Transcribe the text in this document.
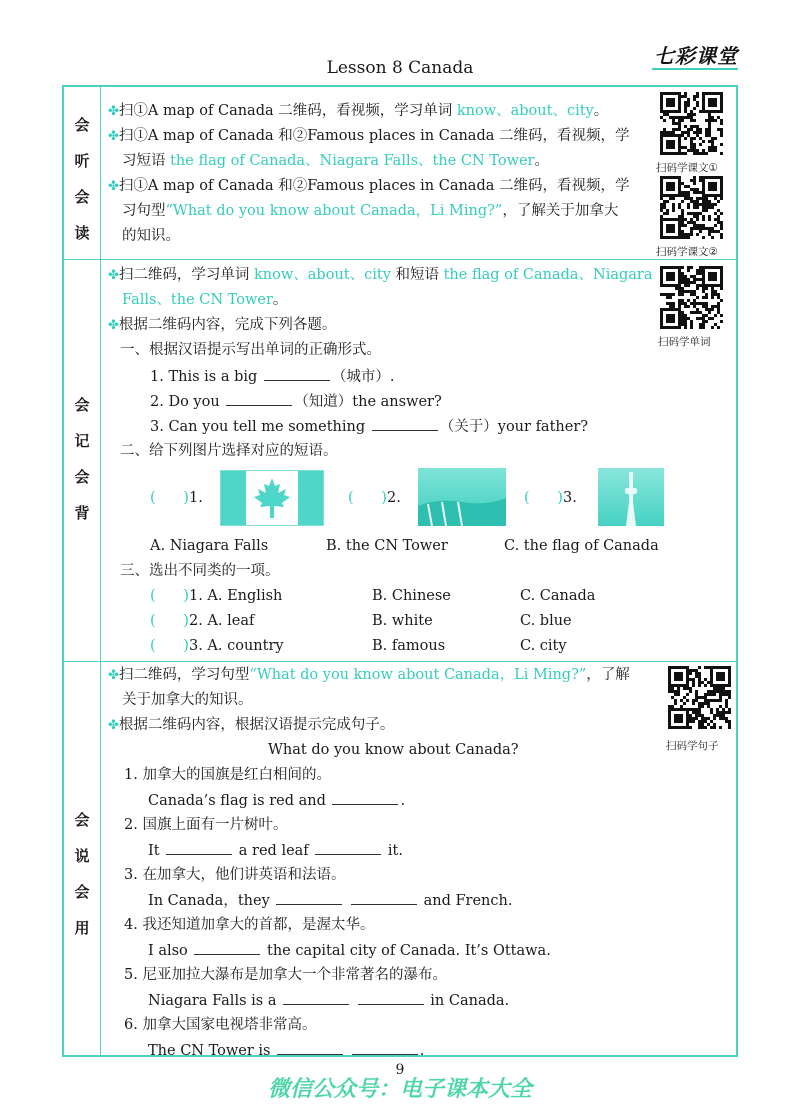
Lesson 8 Canada	七彩课堂
会
听
会
读
会
记
会
背
会
说
会
用
✤扫①A map of Canada 二维码，看视频，学习单词 know、about、city。
✤扫①A map of Canada 和②Famous places in Canada 二维码，看视频，学
习短语 the flag of Canada、Niagara Falls、the CN Tower。
✤扫①A map of Canada 和②Famous places in Canada 二维码，看视频，学
习句型“What do you know about Canada，Li Ming?”，了解关于加拿大
的知识。
扫码学课文①
扫码学课文②
✤扫二维码，学习单词 know、about、city 和短语 the flag of Canada、Niagara
Falls、the CN Tower。
✤根据二维码内容，完成下列各题。
扫码学单词
一、根据汉语提示写出单词的正确形式。
1. This is a big	（城市）.
2. Do you	（知道）the answer?
3. Can you tell me something	（关于）your father?
二、给下列图片选择对应的短语。
(      )1.	(      )2.	(      )3.
A. Niagara Falls	B. the CN Tower	C. the flag of Canada
三、选出不同类的一项。
(      )1. A. English	B. Chinese	C. Canada
(      )2. A. leaf	B. white	C. blue
(      )3. A. country	B. famous	C. city
✤扫二维码，学习句型“What do you know about Canada，Li Ming?”，了解
关于加拿大的知识。
✤根据二维码内容，根据汉语提示完成句子。
扫码学句子
What do you know about Canada?
1. 加拿大的国旗是红白相间的。
Canada’s flag is red and	.
2. 国旗上面有一片树叶。
It	a red leaf	it.
3. 在加拿大，他们讲英语和法语。
In Canada，they	and French.
4. 我还知道加拿大的首都，是渥太华。
I also	the capital city of Canada. It’s Ottawa.
5. 尼亚加拉大瀑布是加拿大一个非常著名的瀑布。
Niagara Falls is a	in Canada.
6. 加拿大国家电视塔非常高。
The CN Tower is	.
9
微信公众号：电子课本大全
